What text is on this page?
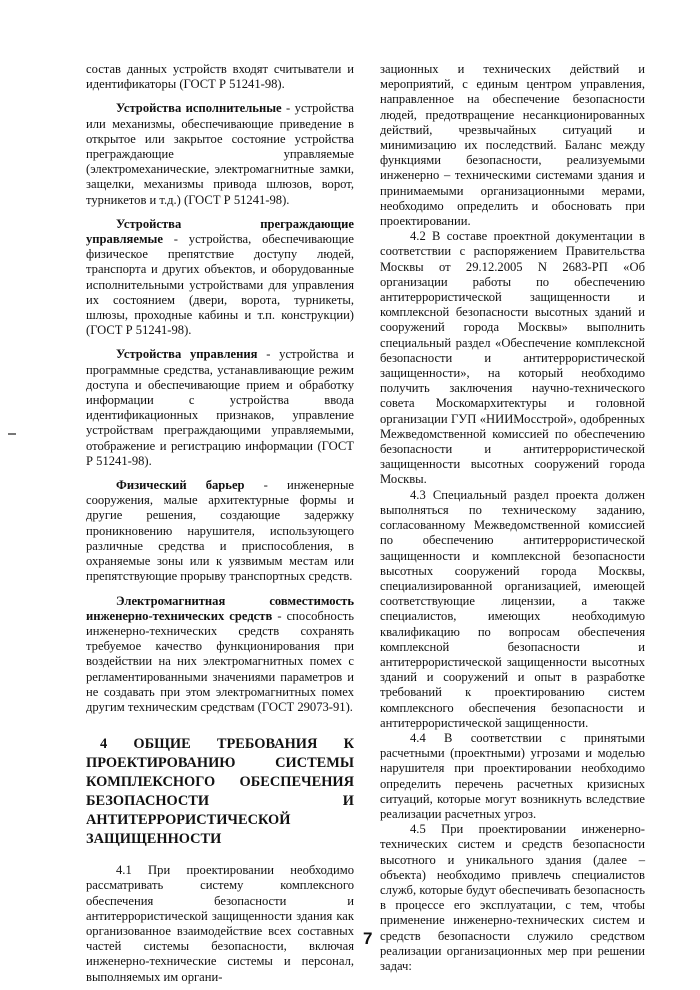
состав данных устройств входят считыватели и идентификаторы (ГОСТ Р 51241-98).

Устройства исполнительные - устройства или механизмы, обеспечивающие приведение в открытое или закрытое состояние устройства преграждающие управляемые (электромеханические, электромагнитные замки, защелки, механизмы привода шлюзов, ворот, турникетов и т.д.) (ГОСТ Р 51241-98).

Устройства преграждающие управляемые - устройства, обеспечивающие физическое препятствие доступу людей, транспорта и других объектов, и оборудованные исполнительными устройствами для управления их состоянием (двери, ворота, турникеты, шлюзы, проходные кабины и т.п. конструкции) (ГОСТ Р 51241-98).

Устройства управления - устройства и программные средства, устанавливающие режим доступа и обеспечивающие прием и обработку информации с устройства ввода идентификационных признаков, управление устройствам преграждающими управляемыми, отображение и регистрацию информации (ГОСТ Р 51241-98).

Физический барьер - инженерные сооружения, малые архитектурные формы и другие решения, создающие задержку проникновению нарушителя, использующего различные средства и приспособления, в охраняемые зоны или к уязвимым местам или препятствующие прорыву транспортных средств.

Электромагнитная совместимость инженерно-технических средств - способность инженерно-технических средств сохранять требуемое качество функционирования при воздействии на них электромагнитных помех с регламентированными значениями параметров и не создавать при этом электромагнитных помех другим техническим средствам (ГОСТ 29073-91).

4 ОБЩИЕ ТРЕБОВАНИЯ К ПРОЕКТИРОВАНИЮ СИСТЕМЫ КОМПЛЕКСНОГО ОБЕСПЕЧЕНИЯ БЕЗОПАСНОСТИ И АНТИТЕРРОРИСТИЧЕСКОЙ ЗАЩИЩЕННОСТИ

4.1 При проектировании необходимо рассматривать систему комплексного обеспечения безопасности и антитеррористической защищенности здания как организованное взаимодействие всех составных частей системы безопасности, включая инженерно-технические системы и персонал, выполняемых им органи-

зационных и технических действий и мероприятий, с единым центром управления, направленное на обеспечение безопасности людей, предотвращение несанкционированных действий, чрезвычайных ситуаций и минимизацию их последствий. Баланс между функциями безопасности, реализуемыми инженерно – техническими системами здания и принимаемыми организационными мерами, необходимо определить и обосновать при проектировании.

4.2 В составе проектной документации в соответствии с распоряжением Правительства Москвы от 29.12.2005 N 2683-РП «Об организации работы по обеспечению антитеррористической защищенности и комплексной безопасности высотных зданий и сооружений города Москвы» выполнить специальный раздел «Обеспечение комплексной безопасности и антитеррористической защищенности», на который необходимо получить заключения научно-технического совета Москомархитектуры и головной организации ГУП «НИИМосстрой», одобренных Межведомственной комиссией по обеспечению безопасности и антитеррористической защищенности высотных сооружений города Москвы.

4.3 Специальный раздел проекта должен выполняться по техническому заданию, согласованному Межведомственной комиссией по обеспечению антитеррористической защищенности и комплексной безопасности высотных сооружений города Москвы, специализированной организацией, имеющей соответствующие лицензии, а также специалистов, имеющих необходимую квалификацию по вопросам обеспечения комплексной безопасности и антитеррористической защищенности высотных зданий и сооружений и опыт в разработке требований к проектированию систем комплексного обеспечения безопасности и антитеррористической защищенности.

4.4 В соответствии с принятыми расчетными (проектными) угрозами и моделью нарушителя при проектировании необходимо определить перечень расчетных кризисных ситуаций, которые могут возникнуть вследствие реализации расчетных угроз.

4.5 При проектировании инженерно-технических систем и средств безопасности высотного и уникального здания (далее – объекта) необходимо привлечь специалистов служб, которые будут обеспечивать безопасность в процессе его эксплуатации, с тем, чтобы применение инженерно-технических систем и средств безопасности служило средством реализации организационных мер при решении задач:

7
